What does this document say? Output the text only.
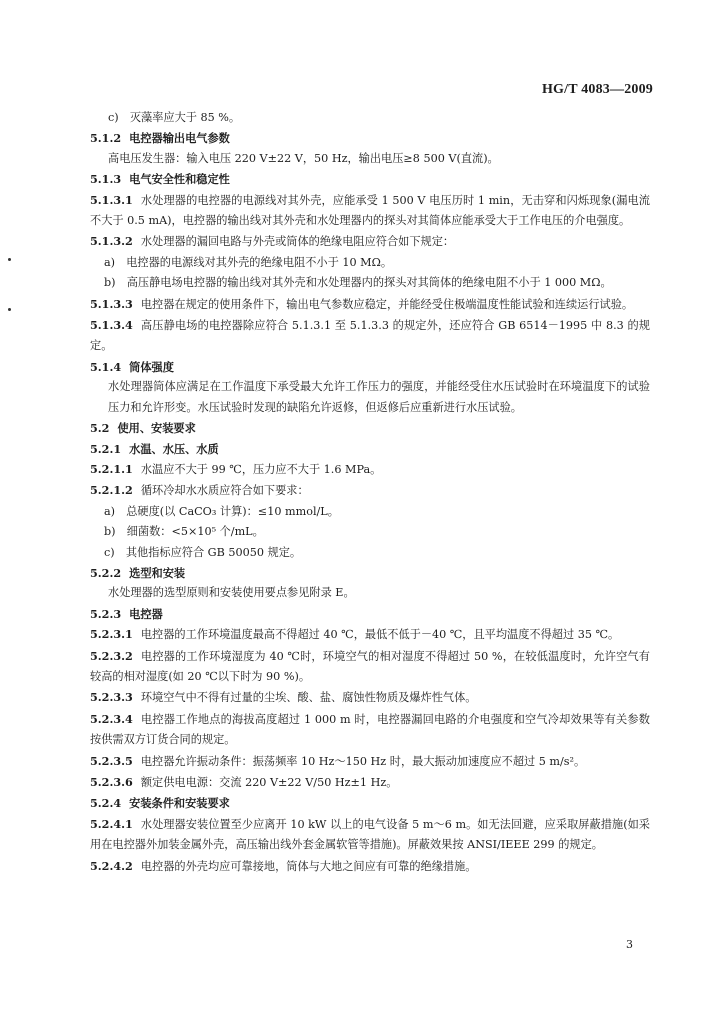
HG/T 4083—2009
c)　灭藻率应大于 85 %。
5.1.2 电控器输出电气参数
高电压发生器：输入电压 220 V±22 V，50 Hz，输出电压≥8 500 V(直流)。
5.1.3 电气安全性和稳定性
5.1.3.1 水处理器的电控器的电源线对其外壳，应能承受 1 500 V 电压历时 1 min，无击穿和闪烁现象(漏电流不大于 0.5 mA)，电控器的输出线对其外壳和水处理器内的探头对其简体应能承受大于工作电压的介电强度。
5.1.3.2 水处理器的漏回电路与外壳或筒体的绝缘电阻应符合如下规定：
a)　电控器的电源线对其外壳的绝缘电阻不小于 10 MΩ。
b)　高压静电场电控器的输出线对其外壳和水处理器内的探头对其筒体的绝缘电阻不小于 1 000 MΩ。
5.1.3.3 电控器在规定的使用条件下，输出电气参数应稳定，并能经受住极端温度性能试验和连续运行试验。
5.1.3.4 高压静电场的电控器除应符合 5.1.3.1 至 5.1.3.3 的规定外，还应符合 GB 6514－1995 中 8.3 的规定。
5.1.4 筒体强度
水处理器筒体应满足在工作温度下承受最大允许工作压力的强度，并能经受住水压试验时在环境温度下的试验压力和允许形变。水压试验时发现的缺陷允许返修，但返修后应重新进行水压试验。
5.2 使用、安装要求
5.2.1 水温、水压、水质
5.2.1.1 水温应不大于 99 ℃，压力应不大于 1.6 MPa。
5.2.1.2 循环冷却水水质应符合如下要求：
a)　总硬度(以 CaCO₃ 计算)：≤10 mmol/L。
b)　细菌数：<5×10⁵ 个/mL。
c)　其他指标应符合 GB 50050 规定。
5.2.2 选型和安装
水处理器的选型原则和安装使用要点参见附录 E。
5.2.3 电控器
5.2.3.1 电控器的工作环境温度最高不得超过 40 ℃，最低不低于－40 ℃，且平均温度不得超过 35 ℃。
5.2.3.2 电控器的工作环境湿度为 40 ℃时，环境空气的相对湿度不得超过 50 %，在较低温度时，允许空气有较高的相对湿度(如 20 ℃以下时为 90 %)。
5.2.3.3 环境空气中不得有过量的尘埃、酸、盐、腐蚀性物质及爆炸性气体。
5.2.3.4 电控器工作地点的海拔高度超过 1 000 m 时，电控器漏回电路的介电强度和空气冷却效果等有关参数按供需双方订货合同的规定。
5.2.3.5 电控器允许振动条件：振荡频率 10 Hz～150 Hz 时，最大振动加速度应不超过 5 m/s²。
5.2.3.6 额定供电电源：交流 220 V±22 V/50 Hz±1 Hz。
5.2.4 安装条件和安装要求
5.2.4.1 水处理器安装位置至少应离开 10 kW 以上的电气设备 5 m～6 m。如无法回避，应采取屏蔽措施(如采用在电控器外加装金属外壳，高压输出线外套金属软管等措施)。屏蔽效果按 ANSI/IEEE 299 的规定。
5.2.4.2 电控器的外壳均应可靠接地，筒体与大地之间应有可靠的绝缘措施。
3
